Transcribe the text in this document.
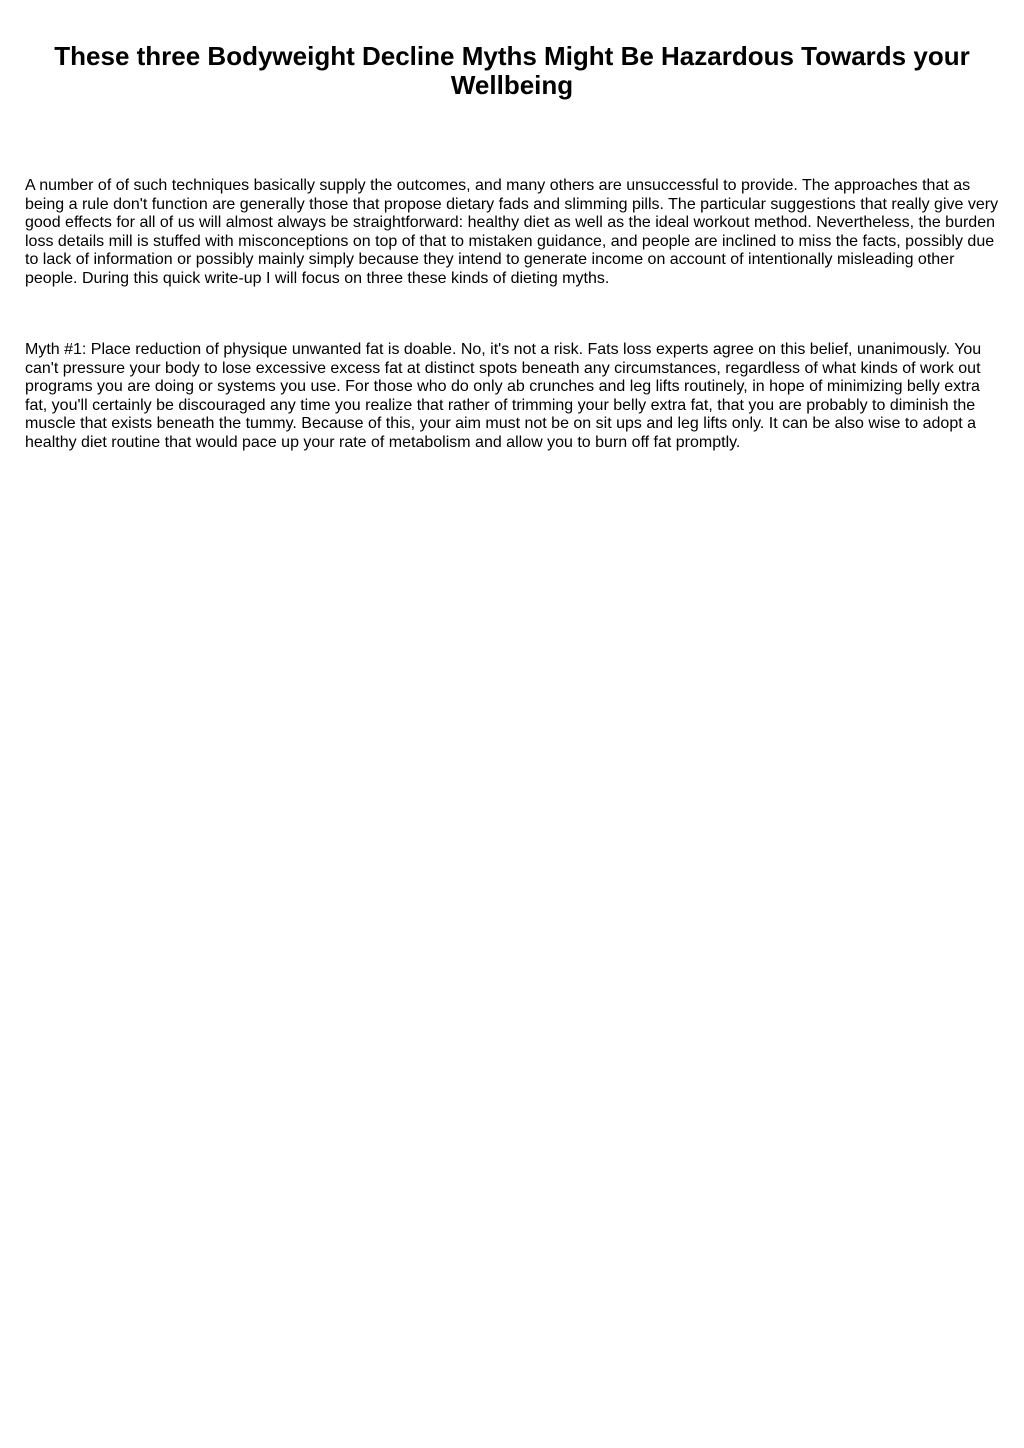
These three Bodyweight Decline Myths Might Be Hazardous Towards your Wellbeing

A number of of such techniques basically supply the outcomes, and many others are unsuccessful to provide. The approaches that as being a rule don't function are generally those that propose dietary fads and slimming pills. The particular suggestions that really give very good effects for all of us will almost always be straightforward: healthy diet as well as the ideal workout method. Nevertheless, the burden loss details mill is stuffed with misconceptions on top of that to mistaken guidance, and people are inclined to miss the facts, possibly due to lack of information or possibly mainly simply because they intend to generate income on account of intentionally misleading other people. During this quick write-up I will focus on three these kinds of dieting myths.

Myth #1: Place reduction of physique unwanted fat is doable. No, it's not a risk. Fats loss experts agree on this belief, unanimously. You can't pressure your body to lose excessive excess fat at distinct spots beneath any circumstances, regardless of what kinds of work out programs you are doing or systems you use. For those who do only ab crunches and leg lifts routinely, in hope of minimizing belly extra fat, you'll certainly be discouraged any time you realize that rather of trimming your belly extra fat, that you are probably to diminish the muscle that exists beneath the tummy. Because of this, your aim must not be on sit ups and leg lifts only. It can be also wise to adopt a healthy diet routine that would pace up your rate of metabolism and allow you to burn off fat promptly.
